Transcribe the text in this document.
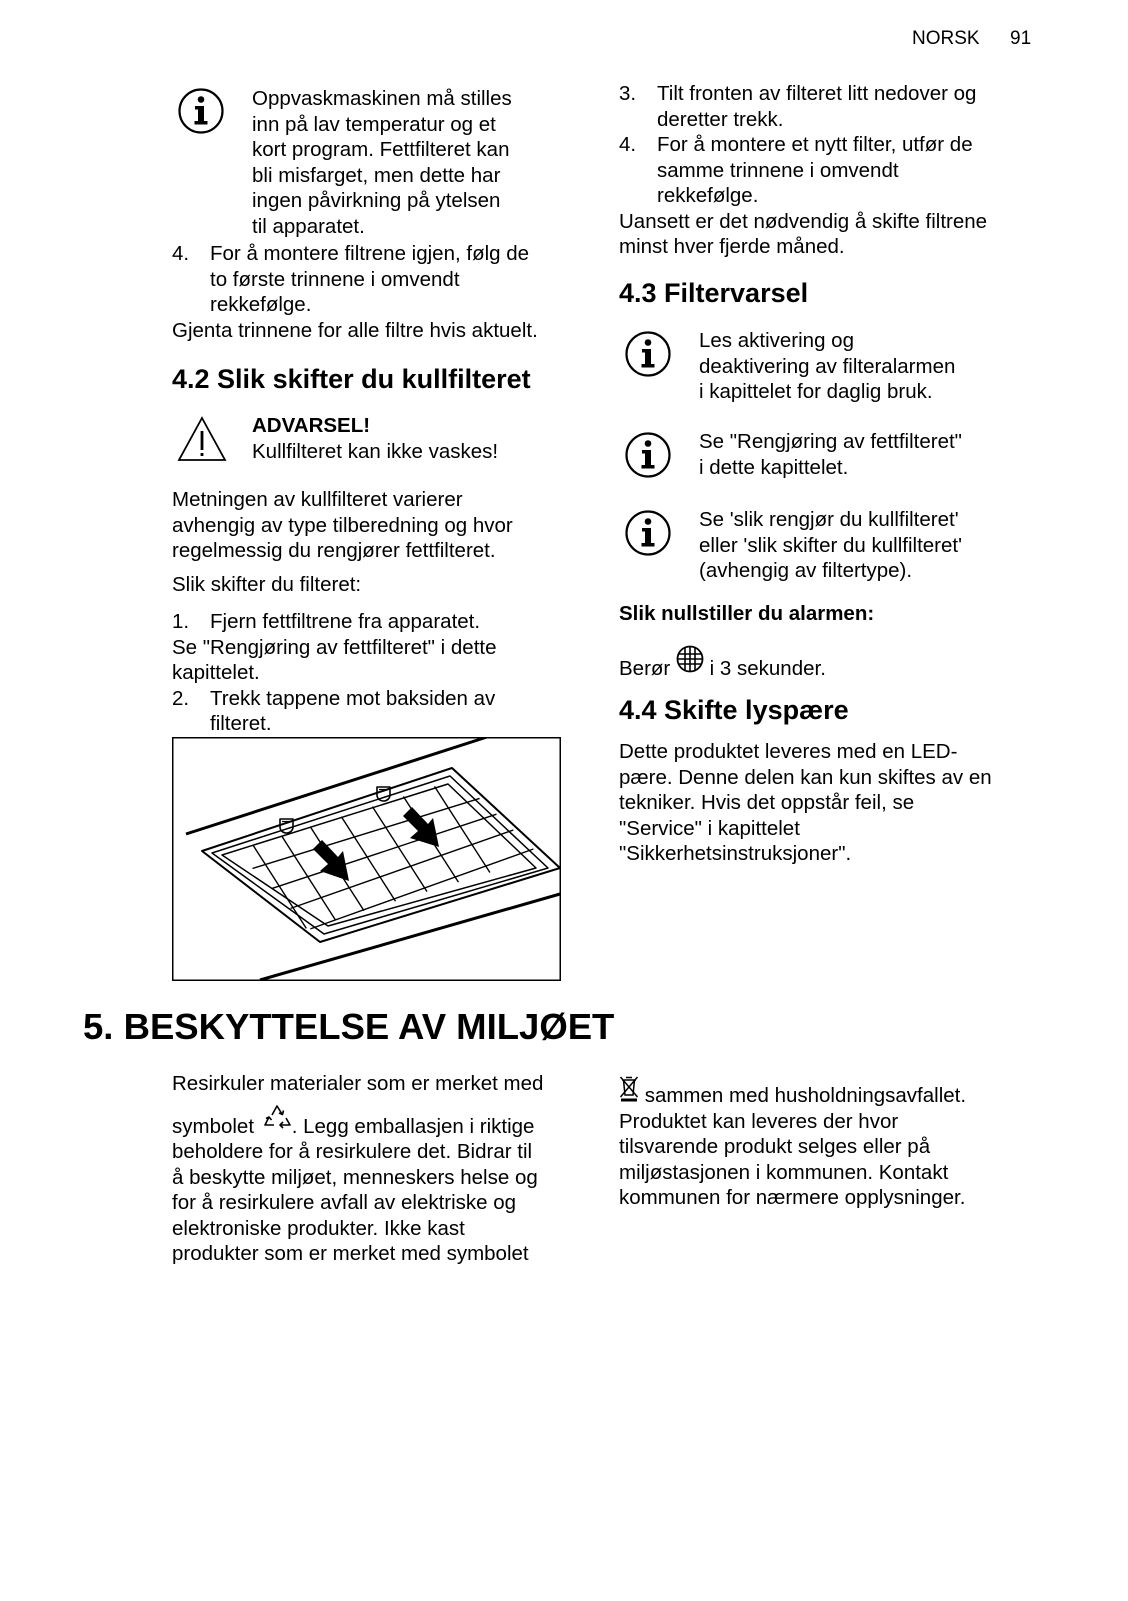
NORSK 91
Oppvaskmaskinen må stilles
inn på lav temperatur og et
kort program. Fettfilteret kan
bli misfarget, men dette har
ingen påvirkning på ytelsen
til apparatet.
4. For å montere filtrene igjen, følg de
to første trinnene i omvendt
rekkefølge.
Gjenta trinnene for alle filtre hvis aktuelt.
4.2 Slik skifter du kullfilteret
ADVARSEL!
Kullfilteret kan ikke vaskes!
Metningen av kullfilteret varierer
avhengig av type tilberedning og hvor
regelmessig du rengjører fettfilteret.
Slik skifter du filteret:
1. Fjern fettfiltrene fra apparatet.
Se "Rengjøring av fettfilteret" i dette
kapittelet.
2. Trekk tappene mot baksiden av
filteret.
3. Tilt fronten av filteret litt nedover og
deretter trekk.
4. For å montere et nytt filter, utfør de
samme trinnene i omvendt
rekkefølge.
Uansett er det nødvendig å skifte filtrene
minst hver fjerde måned.
4.3 Filtervarsel
Les aktivering og
deaktivering av filteralarmen
i kapittelet for daglig bruk.
Se "Rengjøring av fettfilteret"
i dette kapittelet.
Se 'slik rengjør du kullfilteret'
eller 'slik skifter du kullfilteret'
(avhengig av filtertype).
Slik nullstiller du alarmen:
Berør i 3 sekunder.
4.4 Skifte lyspære
Dette produktet leveres med en LED-
pære. Denne delen kan kun skiftes av en
tekniker. Hvis det oppstår feil, se
"Service" i kapittelet
"Sikkerhetsinstruksjoner".
5. BESKYTTELSE AV MILJØET
Resirkuler materialer som er merket med
symbolet . Legg emballasjen i riktige
beholdere for å resirkulere det. Bidrar til
å beskytte miljøet, menneskers helse og
for å resirkulere avfall av elektriske og
elektroniske produkter. Ikke kast
produkter som er merket med symbolet
sammen med husholdningsavfallet.
Produktet kan leveres der hvor
tilsvarende produkt selges eller på
miljøstasjonen i kommunen. Kontakt
kommunen for nærmere opplysninger.
